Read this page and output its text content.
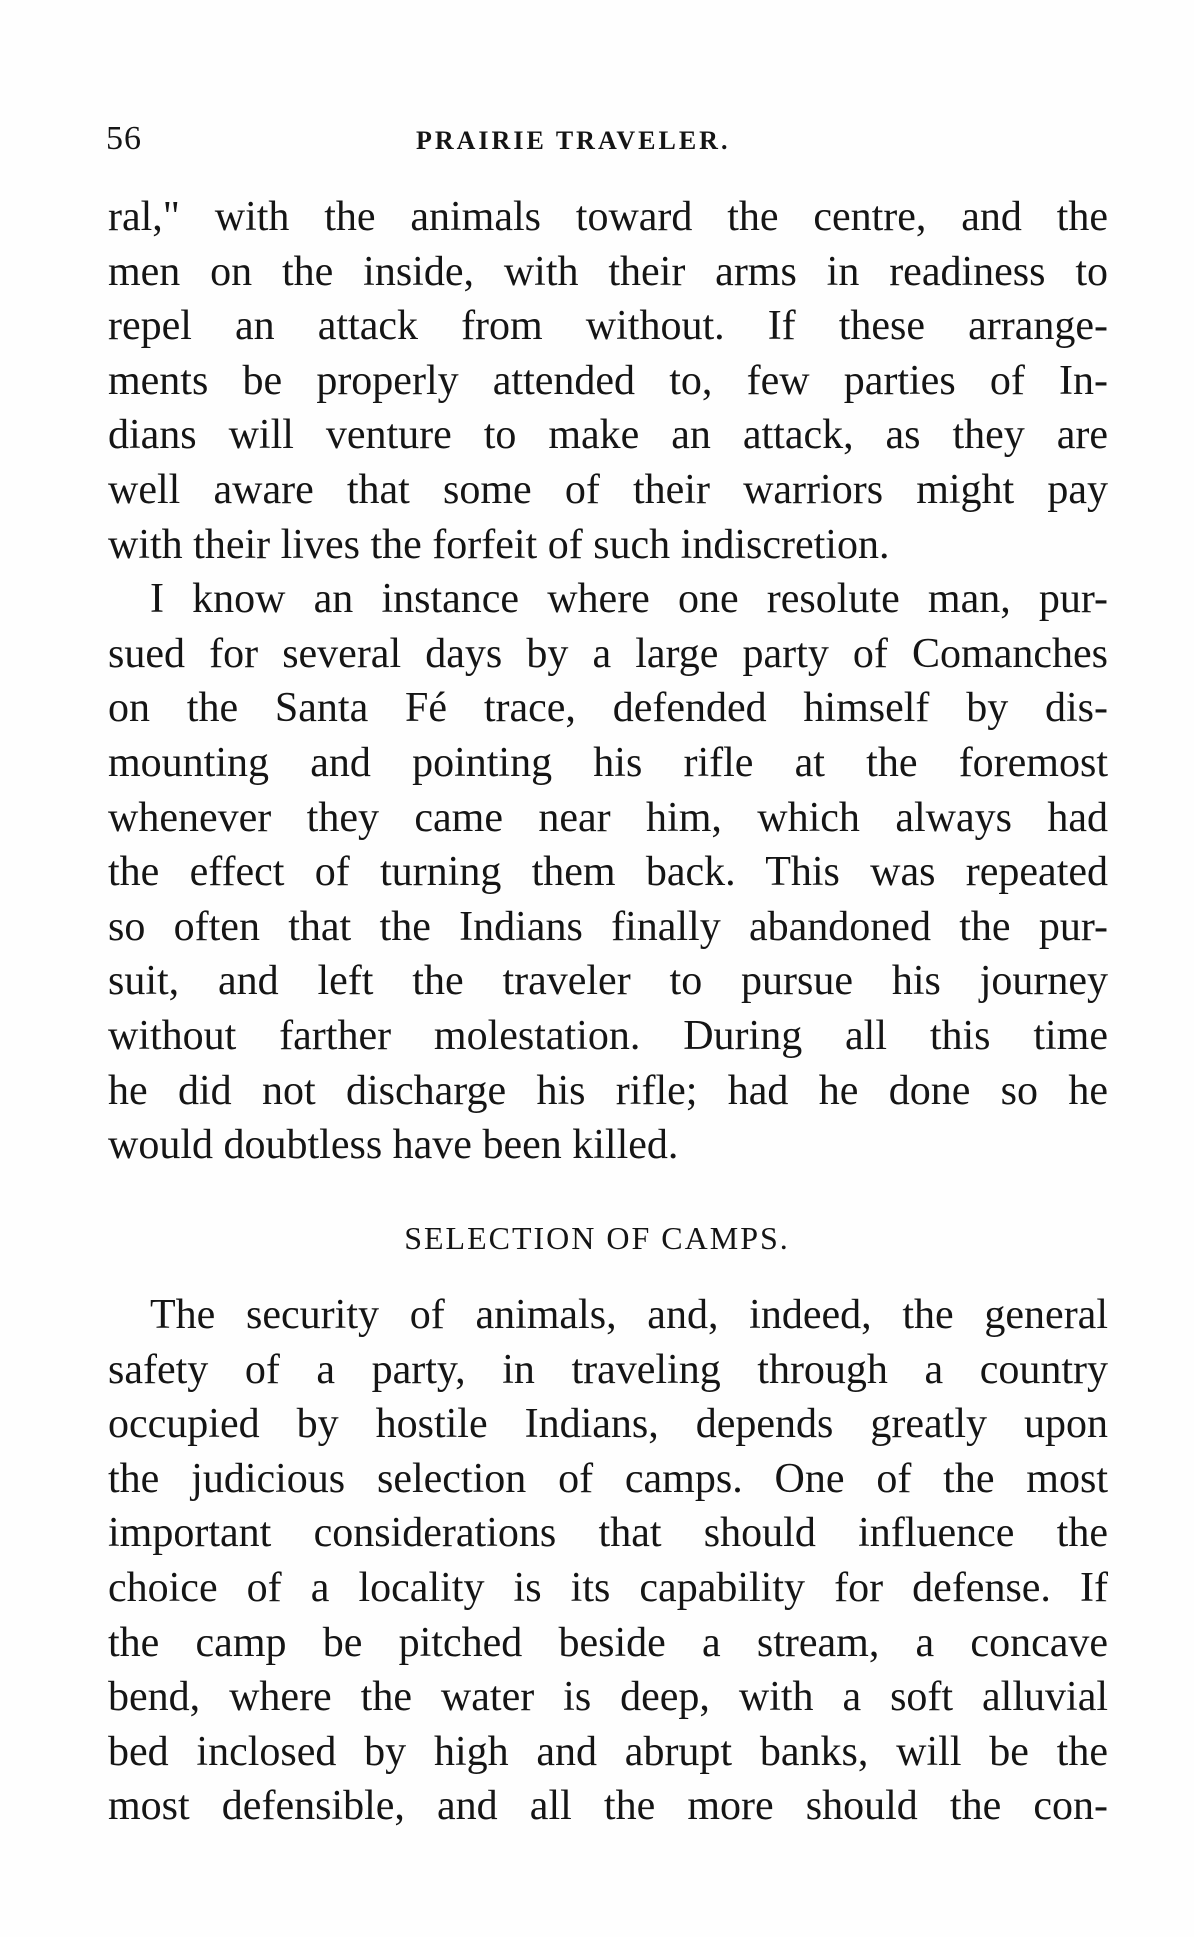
56	PRAIRIE TRAVELER.
ral," with the animals toward the centre, and the
men on the inside, with their arms in readiness to
repel an attack from without. If these arrange-
ments be properly attended to, few parties of In-
dians will venture to make an attack, as they are
well aware that some of their warriors might pay
with their lives the forfeit of such indiscretion.
I know an instance where one resolute man, pur-
sued for several days by a large party of Comanches
on the Santa Fé trace, defended himself by dis-
mounting and pointing his rifle at the foremost
whenever they came near him, which always had
the effect of turning them back. This was repeated
so often that the Indians finally abandoned the pur-
suit, and left the traveler to pursue his journey
without farther molestation. During all this time
he did not discharge his rifle; had he done so he
would doubtless have been killed.
SELECTION OF CAMPS.
The security of animals, and, indeed, the general
safety of a party, in traveling through a country
occupied by hostile Indians, depends greatly upon
the judicious selection of camps. One of the most
important considerations that should influence the
choice of a locality is its capability for defense. If
the camp be pitched beside a stream, a concave
bend, where the water is deep, with a soft alluvial
bed inclosed by high and abrupt banks, will be the
most defensible, and all the more should the con-
